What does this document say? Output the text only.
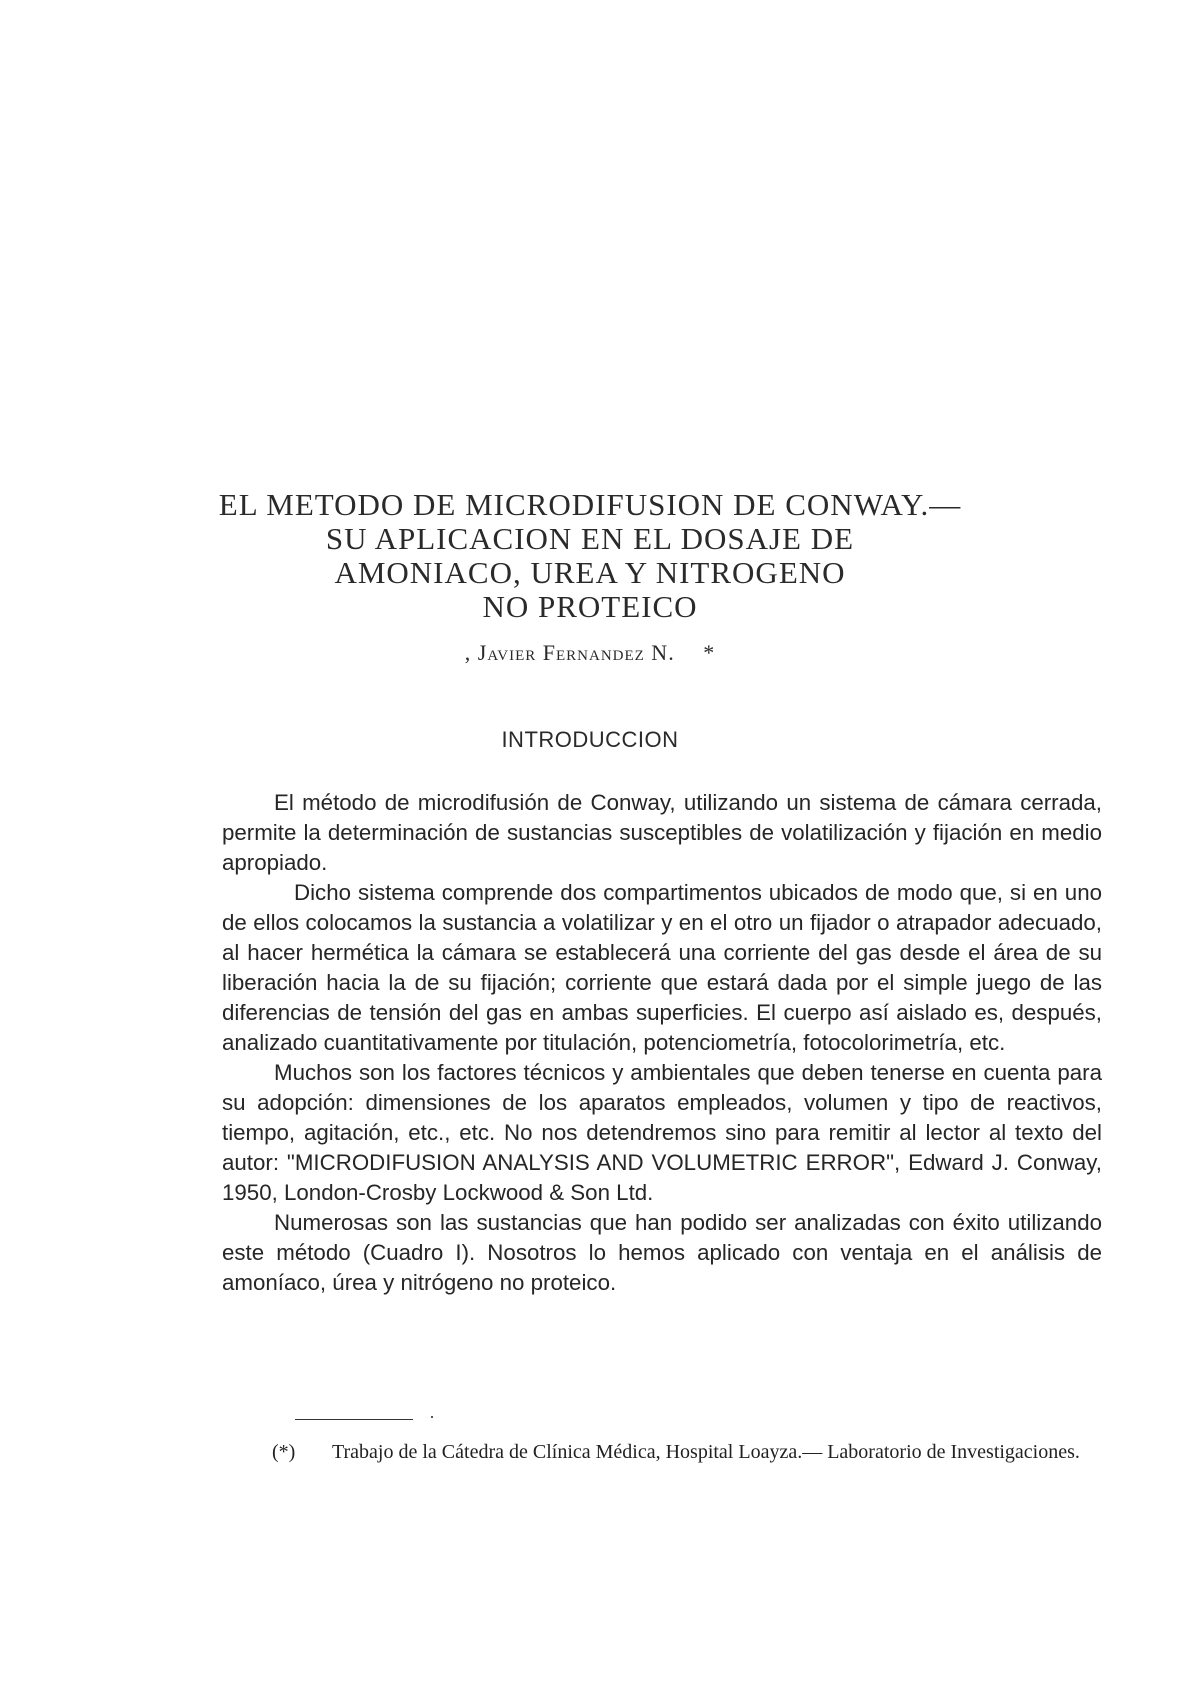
EL METODO DE MICRODIFUSION DE CONWAY.—
SU APLICACION EN EL DOSAJE DE
AMONIACO, UREA Y NITROGENO
NO PROTEICO
, Javier Fernandez N. *
INTRODUCCION

El método de microdifusión de Conway, utilizando un sistema de cámara cerrada, permite la determinación de sustancias susceptibles de volatilización y fijación en medio apropiado.

Dicho sistema comprende dos compartimentos ubicados de modo que, si en uno de ellos colocamos la sustancia a volatilizar y en el otro un fijador o atrapador adecuado, al hacer hermética la cámara se establecerá una corriente del gas desde el área de su liberación hacia la de su fijación; corriente que estará dada por el simple juego de las diferencias de tensión del gas en ambas superficies. El cuerpo así aislado es, después, analizado cuantitativamente por titulación, potenciometría, fotocolorimetría, etc.

Muchos son los factores técnicos y ambientales que deben tenerse en cuenta para su adopción: dimensiones de los aparatos empleados, volumen y tipo de reactivos, tiempo, agitación, etc., etc. No nos detendremos sino para remitir al lector al texto del autor: "MICRODIFUSION ANALYSIS AND VOLUMETRIC ERROR", Edward J. Conway, 1950, London-Crosby Lockwood & Son Ltd.

Numerosas son las sustancias que han podido ser analizadas con éxito utilizando este método (Cuadro I). Nosotros lo hemos aplicado con ventaja en el análisis de amoníaco, úrea y nitrógeno no proteico.

(*)	Trabajo de la Cátedra de Clínica Médica, Hospital Loayza.— Laboratorio de Investigaciones.
